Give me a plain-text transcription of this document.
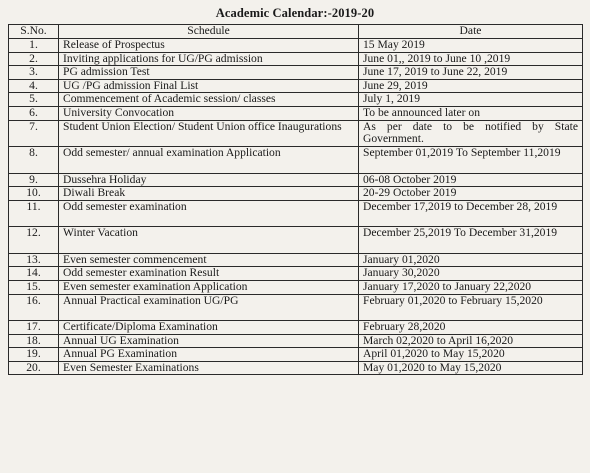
Academic Calendar:-2019-20
S.No.	Schedule	Date
1.	Release of Prospectus	15 May 2019
2.	Inviting applications for UG/PG admission	June 01,, 2019 to June 10 ,2019
3.	PG admission Test	June 17, 2019 to June 22, 2019
4.	UG /PG admission Final List	June 29, 2019
5.	Commencement of Academic session/ classes	July 1, 2019
6.	University Convocation	To be announced later on
7.	Student Union Election/ Student Union office Inaugurations	As per date to be notified by State Government.
8.	Odd semester/ annual examination Application	September 01,2019 To September 11,2019
9.	Dussehra Holiday	06-08 October 2019
10.	Diwali Break	20-29 October 2019
11.	Odd semester examination	December 17,2019 to December 28, 2019
12.	Winter Vacation	December 25,2019 To December 31,2019
13.	Even semester commencement	January 01,2020
14.	Odd semester examination Result	January 30,2020
15.	Even semester examination Application	January 17,2020 to January 22,2020
16.	Annual Practical examination UG/PG	February 01,2020 to February 15,2020
17.	Certificate/Diploma Examination	February 28,2020
18.	Annual UG Examination	March 02,2020 to April 16,2020
19.	Annual PG Examination	April 01,2020 to May 15,2020
20.	Even Semester Examinations	May 01,2020 to May 15,2020
